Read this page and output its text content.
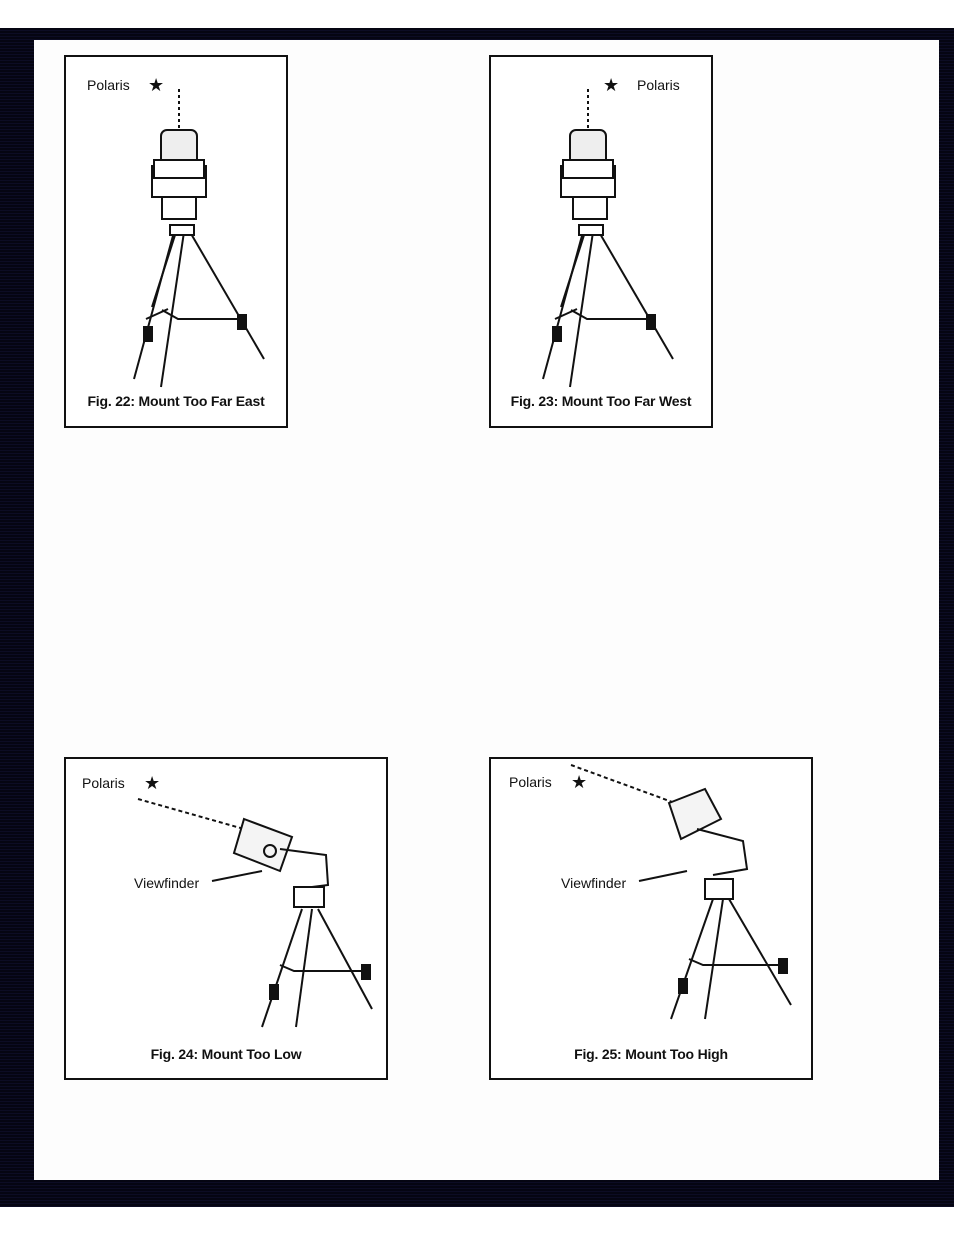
Polaris ★
Fig. 22: Mount Too Far East
★ Polaris
Fig. 23: Mount Too Far West
Polaris ★
Viewfinder
Fig. 24: Mount Too Low
Polaris ★
Viewfinder
Fig. 25: Mount Too High
